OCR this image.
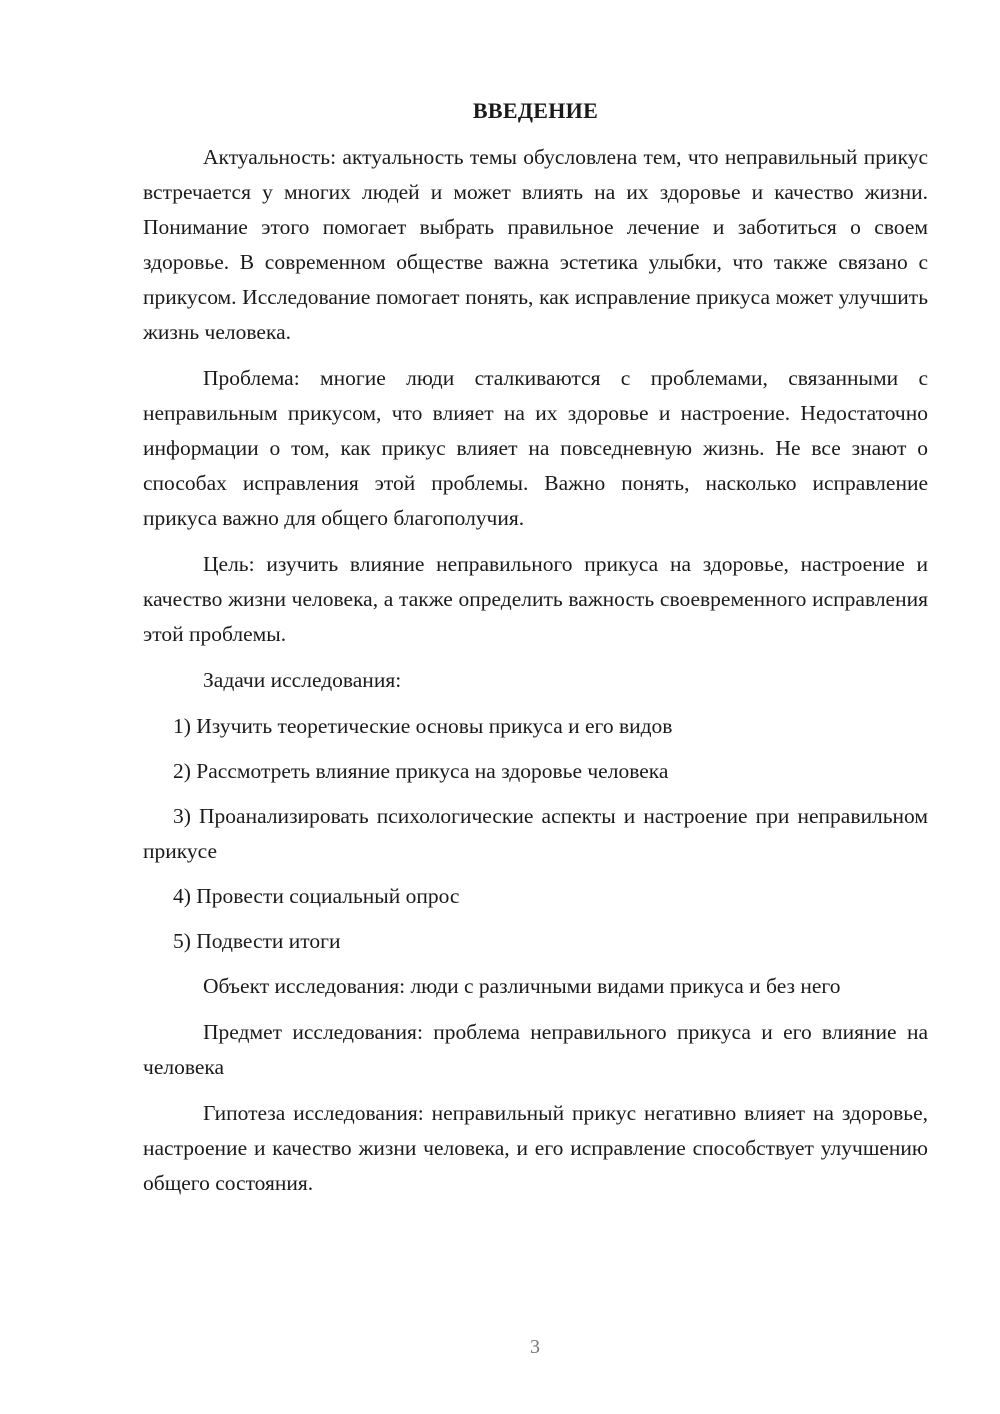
ВВЕДЕНИЕ

Актуальность: актуальность темы обусловлена тем, что неправильный прикус встречается у многих людей и может влиять на их здоровье и качество жизни. Понимание этого помогает выбрать правильное лечение и заботиться о своем здоровье. В современном обществе важна эстетика улыбки, что также связано с прикусом. Исследование помогает понять, как исправление прикуса может улучшить жизнь человека.

Проблема: многие люди сталкиваются с проблемами, связанными с неправильным прикусом, что влияет на их здоровье и настроение. Недостаточно информации о том, как прикус влияет на повседневную жизнь. Не все знают о способах исправления этой проблемы. Важно понять, насколько исправление прикуса важно для общего благополучия.

Цель: изучить влияние неправильного прикуса на здоровье, настроение и качество жизни человека, а также определить важность своевременного исправления этой проблемы.

Задачи исследования:

1) Изучить теоретические основы прикуса и его видов

2) Рассмотреть влияние прикуса на здоровье человека

3) Проанализировать психологические аспекты и настроение при неправильном прикусе

4) Провести социальный опрос

5) Подвести итоги

Объект исследования: люди с различными видами прикуса и без него

Предмет исследования: проблема неправильного прикуса и его влияние на человека

Гипотеза исследования: неправильный прикус негативно влияет на здоровье, настроение и качество жизни человека, и его исправление способствует улучшению общего состояния.

3
